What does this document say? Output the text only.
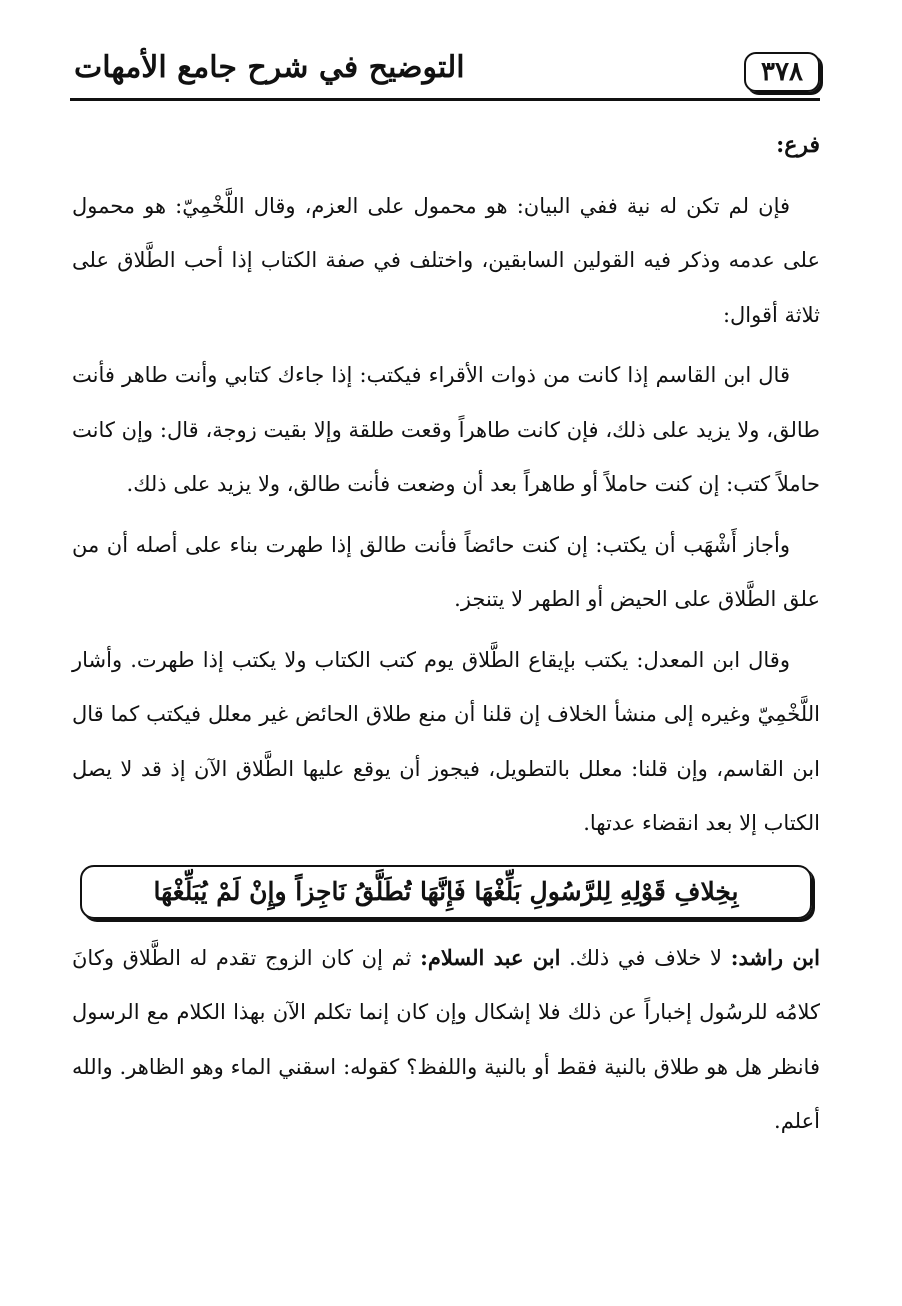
٣٧٨
التوضيح في شرح جامع الأمهات

فرع:

فإن لم تكن له نية ففي البيان: هو محمول على العزم، وقال اللَّخْمِيّ: هو محمول على عدمه وذكر فيه القولين السابقين، واختلف في صفة الكتاب إذا أحب الطَّلاق على ثلاثة أقوال:

قال ابن القاسم إذا كانت من ذوات الأقراء فيكتب: إذا جاءك كتابي وأنت طاهر فأنت طالق، ولا يزيد على ذلك، فإن كانت طاهراً وقعت طلقة وإلا بقيت زوجة، قال: وإن كانت حاملاً كتب: إن كنت حاملاً أو طاهراً بعد أن وضعت فأنت طالق، ولا يزيد على ذلك.

وأجاز أَشْهَب أن يكتب: إن كنت حائضاً فأنت طالق إذا طهرت بناء على أصله أن من علق الطَّلاق على الحيض أو الطهر لا يتنجز.

وقال ابن المعدل: يكتب بإيقاع الطَّلاق يوم كتب الكتاب ولا يكتب إذا طهرت. وأشار اللَّخْمِيّ وغيره إلى منشأ الخلاف إن قلنا أن منع طلاق الحائض غير معلل فيكتب كما قال ابن القاسم، وإن قلنا: معلل بالتطويل، فيجوز أن يوقع عليها الطَّلاق الآن إذ قد لا يصل الكتاب إلا بعد انقضاء عدتها.

بِخِلافِ قَوْلِهِ لِلرَّسُولِ بَلِّغْهَا فَإِنَّهَا تُطَلَّقُ نَاجِزاً وإِنْ لَمْ يُبَلِّغْهَا

ابن راشد: لا خلاف في ذلك. ابن عبد السلام: ثم إن كان الزوج تقدم له الطَّلاق وكانَ كلامُه للرسُول إخباراً عن ذلك فلا إشكال وإن كان إنما تكلم الآن بهذا الكلام مع الرسول فانظر هل هو طلاق بالنية فقط أو بالنية واللفظ؟ كقوله: اسقني الماء وهو الظاهر. والله أعلم.
